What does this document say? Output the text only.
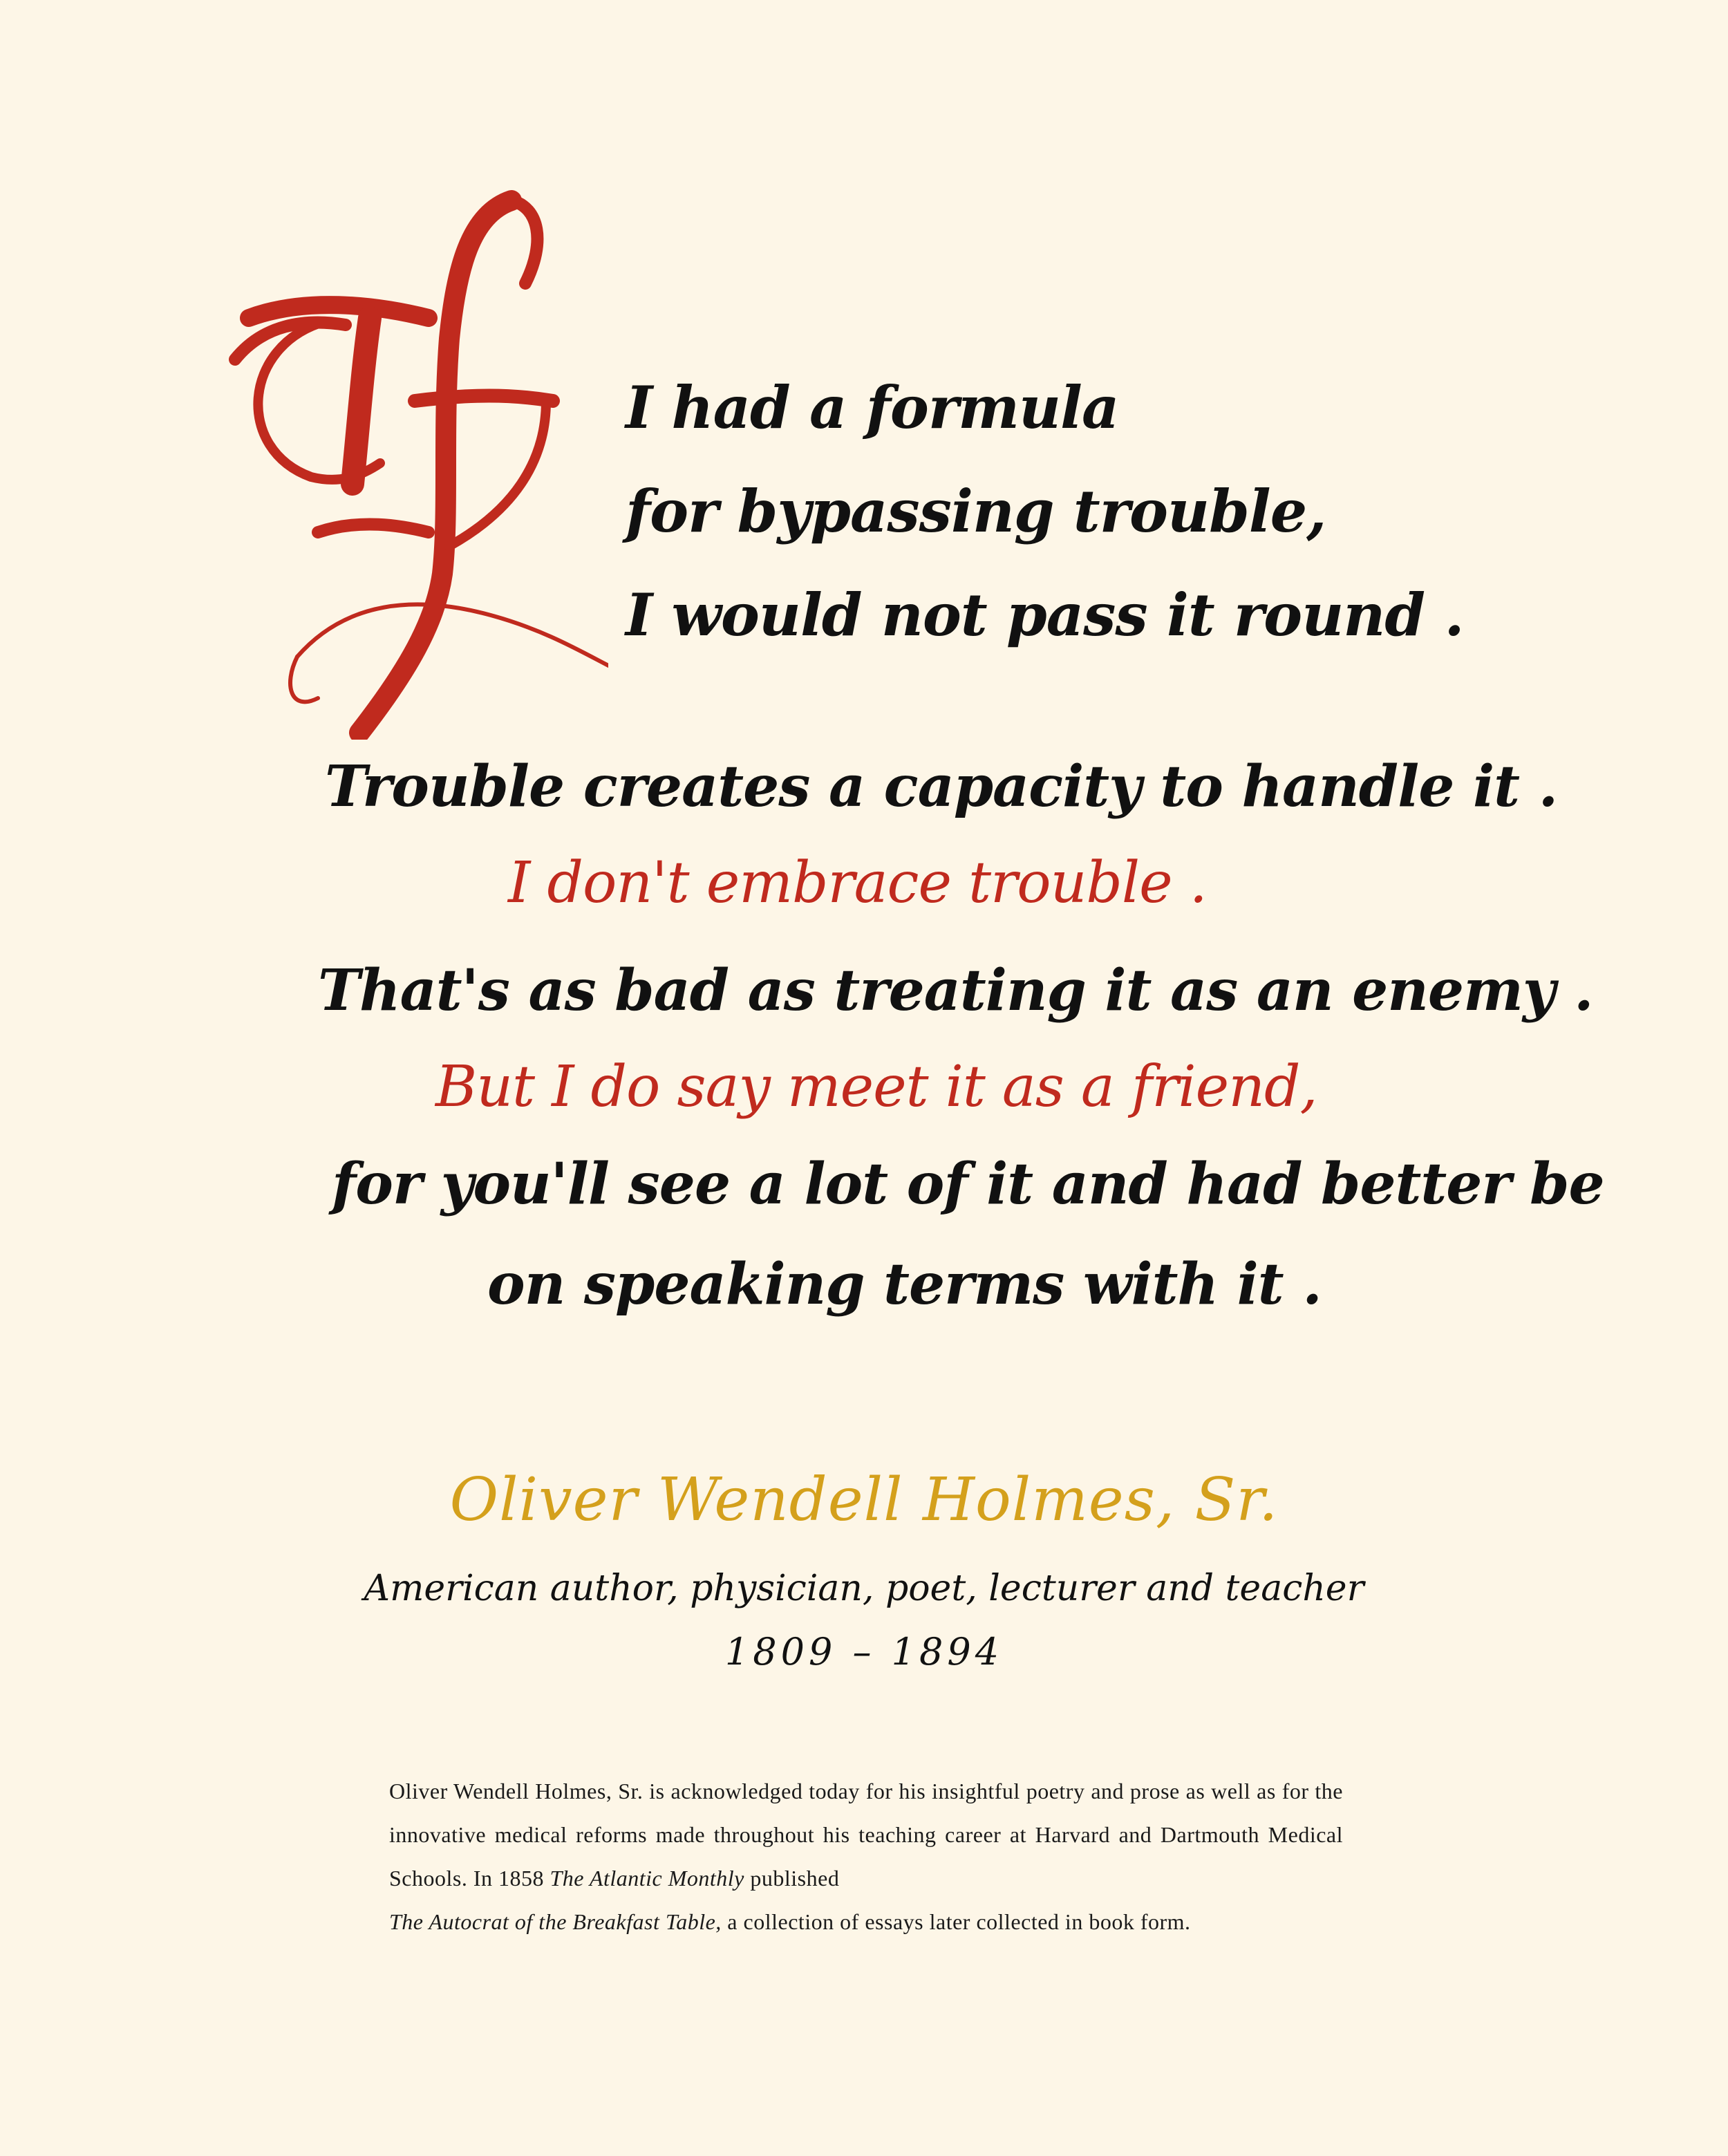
I had a formula
for bypassing trouble,
I would not pass it round .
Trouble creates a capacity to handle it .
I don't embrace trouble .
That's as bad as treating it as an enemy .
But I do say meet it as a friend,
for you'll see a lot of it and had better be
on speaking terms with it .
Oliver Wendell Holmes, Sr.
American author, physician, poet, lecturer and teacher
1809 – 1894
Oliver Wendell Holmes, Sr. is acknowledged today for his insightful poetry and prose as well as for the innovative medical reforms made throughout his teaching career at Harvard and Dartmouth Medical Schools. In 1858 The Atlantic Monthly published
The Autocrat of the Breakfast Table, a collection of essays later collected in book form.
